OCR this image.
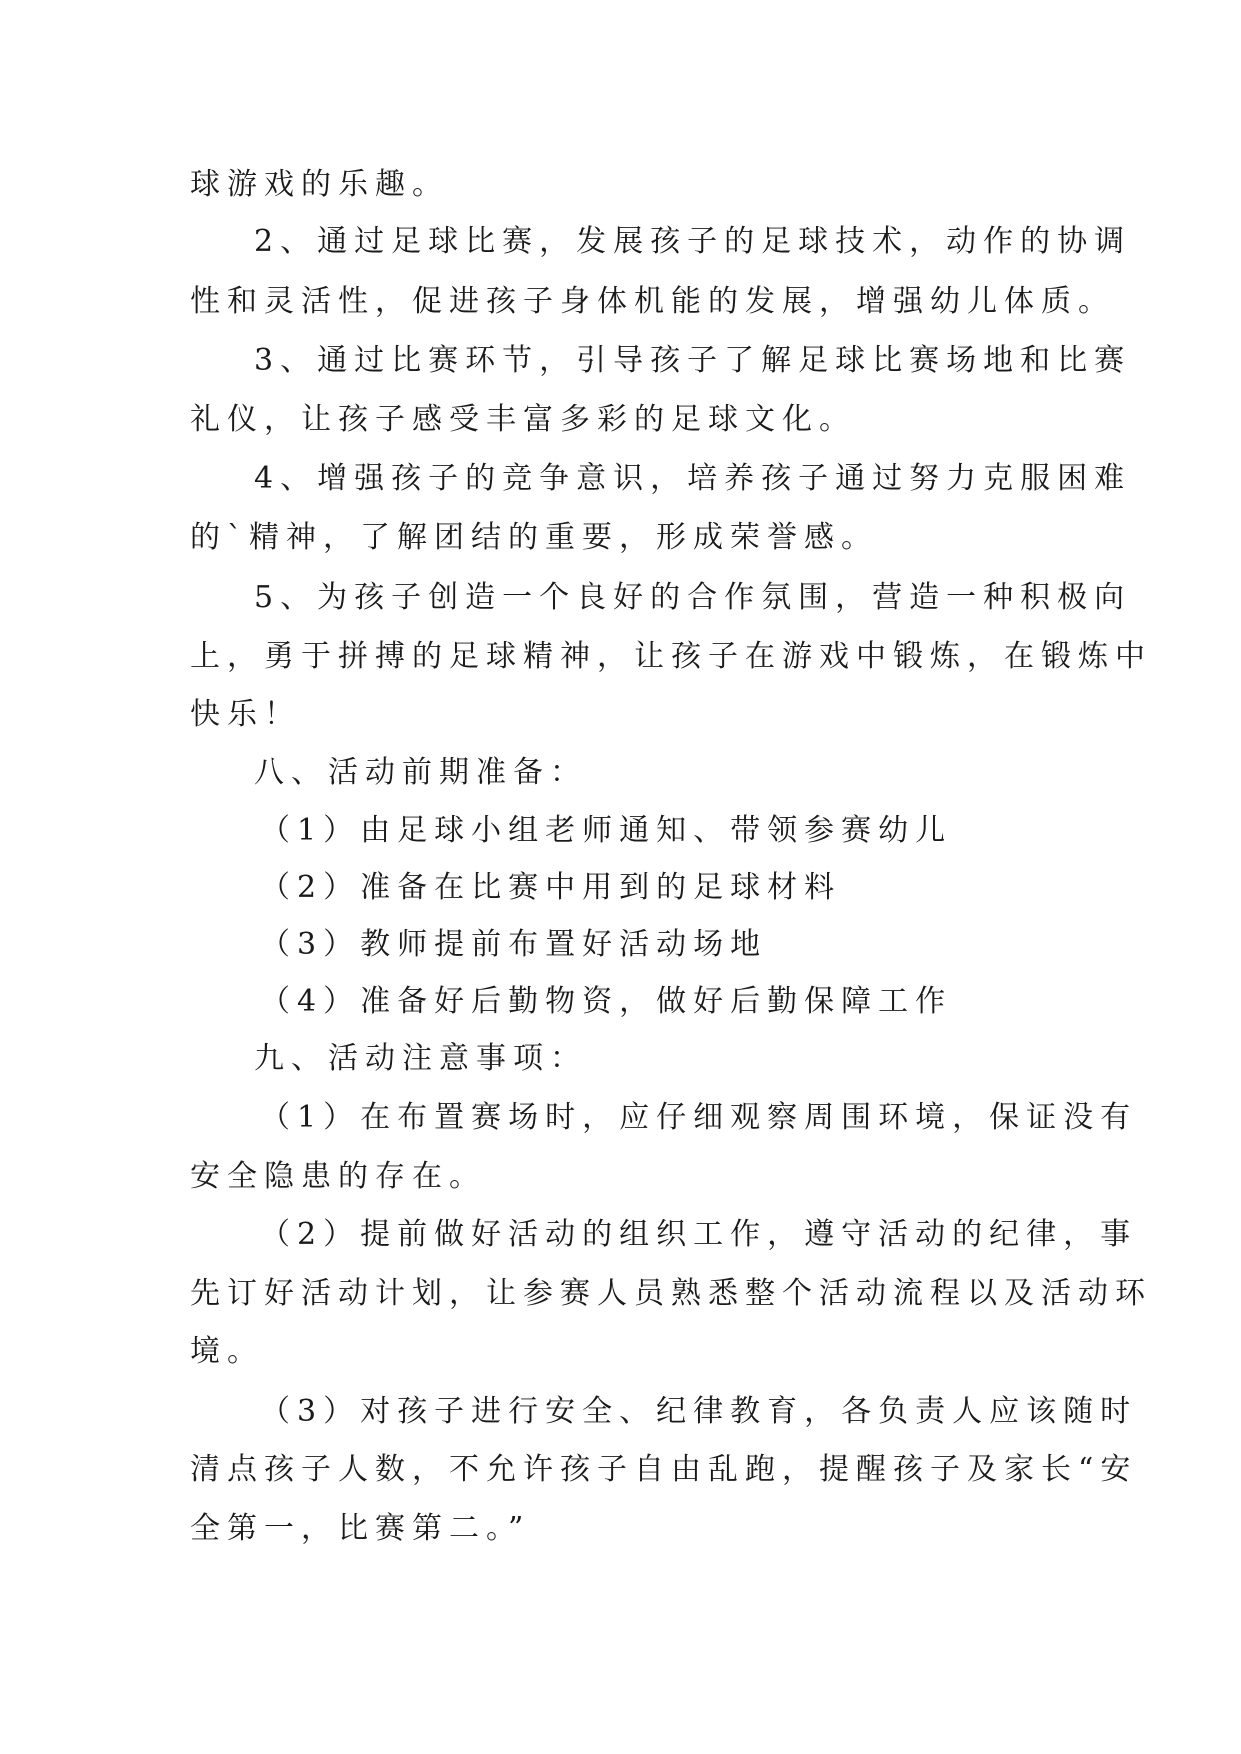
球游戏的乐趣。
2、通过足球比赛，发展孩子的足球技术，动作的协调
性和灵活性，促进孩子身体机能的发展，增强幼儿体质。
3、通过比赛环节，引导孩子了解足球比赛场地和比赛
礼仪，让孩子感受丰富多彩的足球文化。
4、增强孩子的竞争意识，培养孩子通过努力克服困难
的`精神，了解团结的重要，形成荣誉感。
5、为孩子创造一个良好的合作氛围，营造一种积极向
上，勇于拼搏的足球精神，让孩子在游戏中锻炼，在锻炼中
快乐！
八、活动前期准备：
（1）由足球小组老师通知、带领参赛幼儿
（2）准备在比赛中用到的足球材料
（3）教师提前布置好活动场地
（4）准备好后勤物资，做好后勤保障工作
九、活动注意事项：
（1）在布置赛场时，应仔细观察周围环境，保证没有
安全隐患的存在。
（2）提前做好活动的组织工作，遵守活动的纪律，事
先订好活动计划，让参赛人员熟悉整个活动流程以及活动环
境。
（3）对孩子进行安全、纪律教育，各负责人应该随时
清点孩子人数，不允许孩子自由乱跑，提醒孩子及家长“安
全第一，比赛第二。”
